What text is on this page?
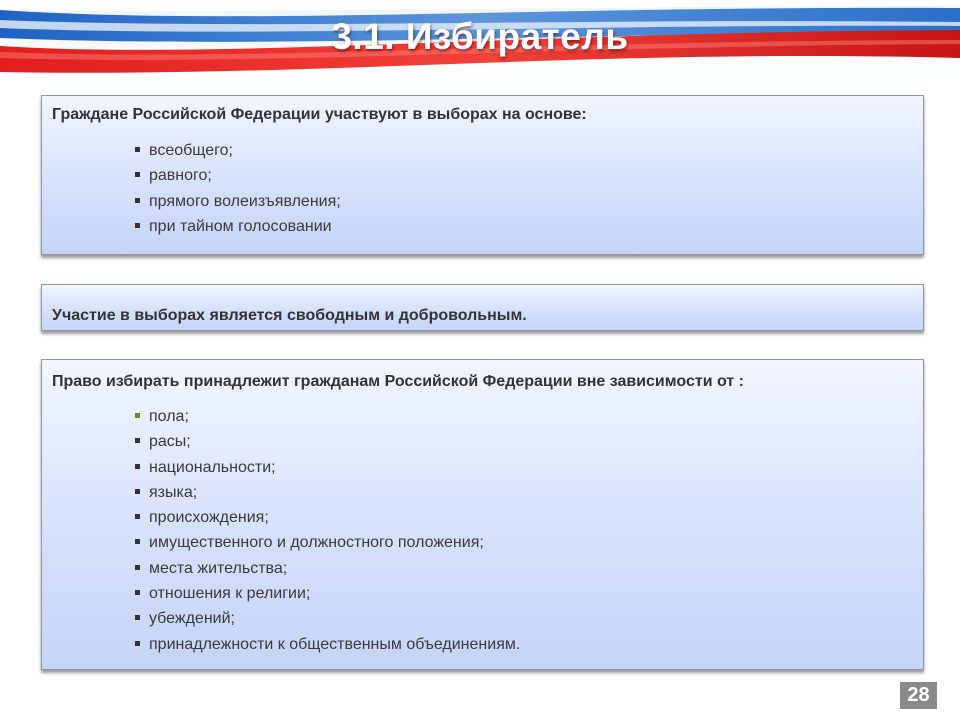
3.1. Избиратель
Граждане Российской Федерации участвуют в выборах на основе:
всеобщего;
равного;
прямого волеизъявления;
при тайном голосовании
Участие в выборах является свободным и добровольным.
Право избирать принадлежит гражданам Российской Федерации вне зависимости от :
пола;
расы;
национальности;
языка;
происхождения;
имущественного и должностного положения;
места жительства;
отношения к религии;
убеждений;
принадлежности к общественным объединениям.
28
